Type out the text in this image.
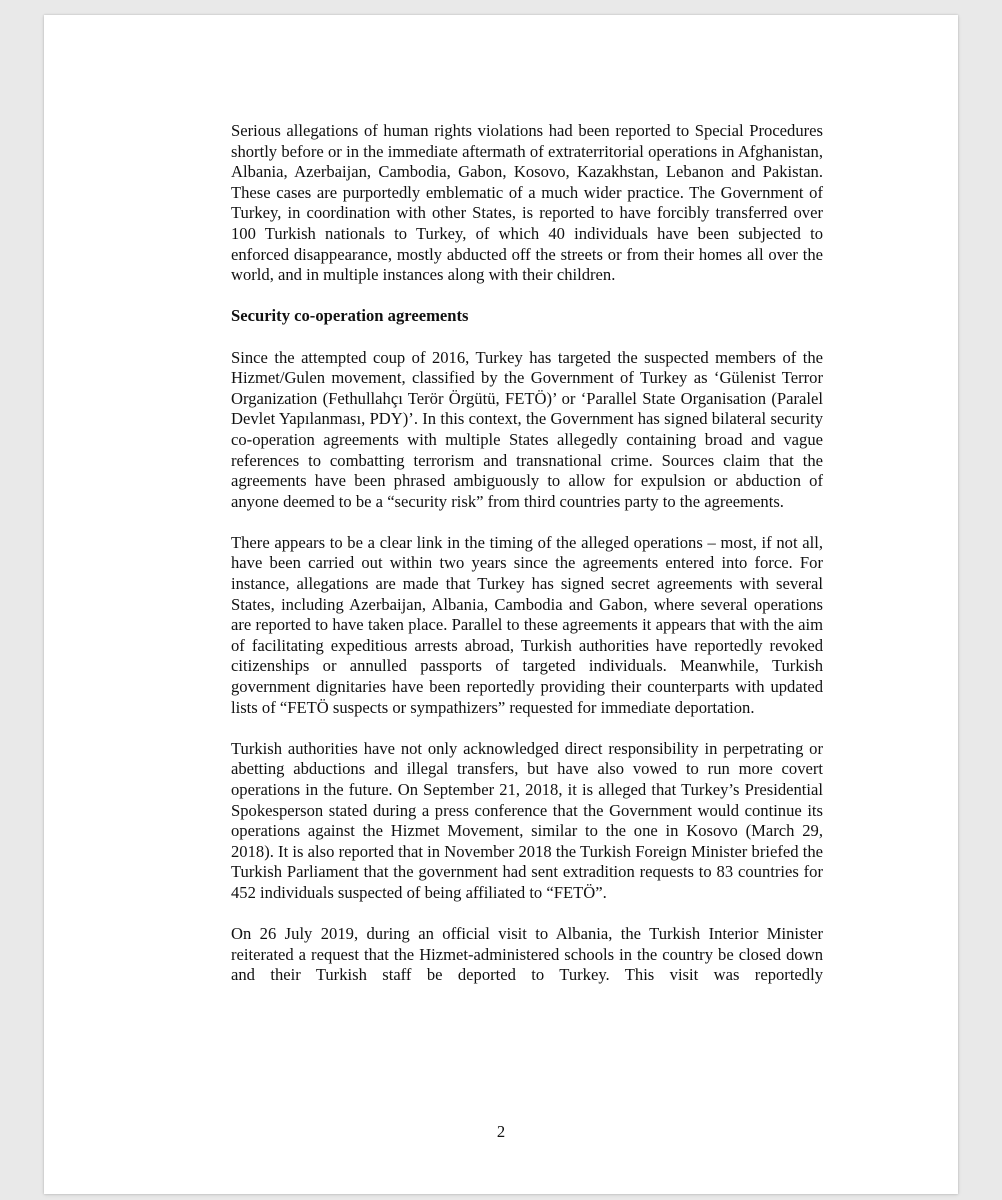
Serious allegations of human rights violations had been reported to Special Procedures shortly before or in the immediate aftermath of extraterritorial operations in Afghanistan, Albania, Azerbaijan, Cambodia, Gabon, Kosovo, Kazakhstan, Lebanon and Pakistan. These cases are purportedly emblematic of a much wider practice. The Government of Turkey, in coordination with other States, is reported to have forcibly transferred over 100 Turkish nationals to Turkey, of which 40 individuals have been subjected to enforced disappearance, mostly abducted off the streets or from their homes all over the world, and in multiple instances along with their children.

Security co-operation agreements

Since the attempted coup of 2016, Turkey has targeted the suspected members of the Hizmet/Gulen movement, classified by the Government of Turkey as ‘Gülenist Terror Organization (Fethullahçı Terör Örgütü, FETÖ)’ or ‘Parallel State Organisation (Paralel Devlet Yapılanması, PDY)’. In this context, the Government has signed bilateral security co-operation agreements with multiple States allegedly containing broad and vague references to combatting terrorism and transnational crime. Sources claim that the agreements have been phrased ambiguously to allow for expulsion or abduction of anyone deemed to be a “security risk” from third countries party to the agreements.

There appears to be a clear link in the timing of the alleged operations – most, if not all, have been carried out within two years since the agreements entered into force. For instance, allegations are made that Turkey has signed secret agreements with several States, including Azerbaijan, Albania, Cambodia and Gabon, where several operations are reported to have taken place. Parallel to these agreements it appears that with the aim of facilitating expeditious arrests abroad, Turkish authorities have reportedly revoked citizenships or annulled passports of targeted individuals. Meanwhile, Turkish government dignitaries have been reportedly providing their counterparts with updated lists of “FETÖ suspects or sympathizers” requested for immediate deportation.

Turkish authorities have not only acknowledged direct responsibility in perpetrating or abetting abductions and illegal transfers, but have also vowed to run more covert operations in the future. On September 21, 2018, it is alleged that Turkey’s Presidential Spokesperson stated during a press conference that the Government would continue its operations against the Hizmet Movement, similar to the one in Kosovo (March 29, 2018). It is also reported that in November 2018 the Turkish Foreign Minister briefed the Turkish Parliament that the government had sent extradition requests to 83 countries for 452 individuals suspected of being affiliated to “FETÖ”.

On 26 July 2019, during an official visit to Albania, the Turkish Interior Minister reiterated a request that the Hizmet-administered schools in the country be closed down and their Turkish staff be deported to Turkey. This visit was reportedly

2
